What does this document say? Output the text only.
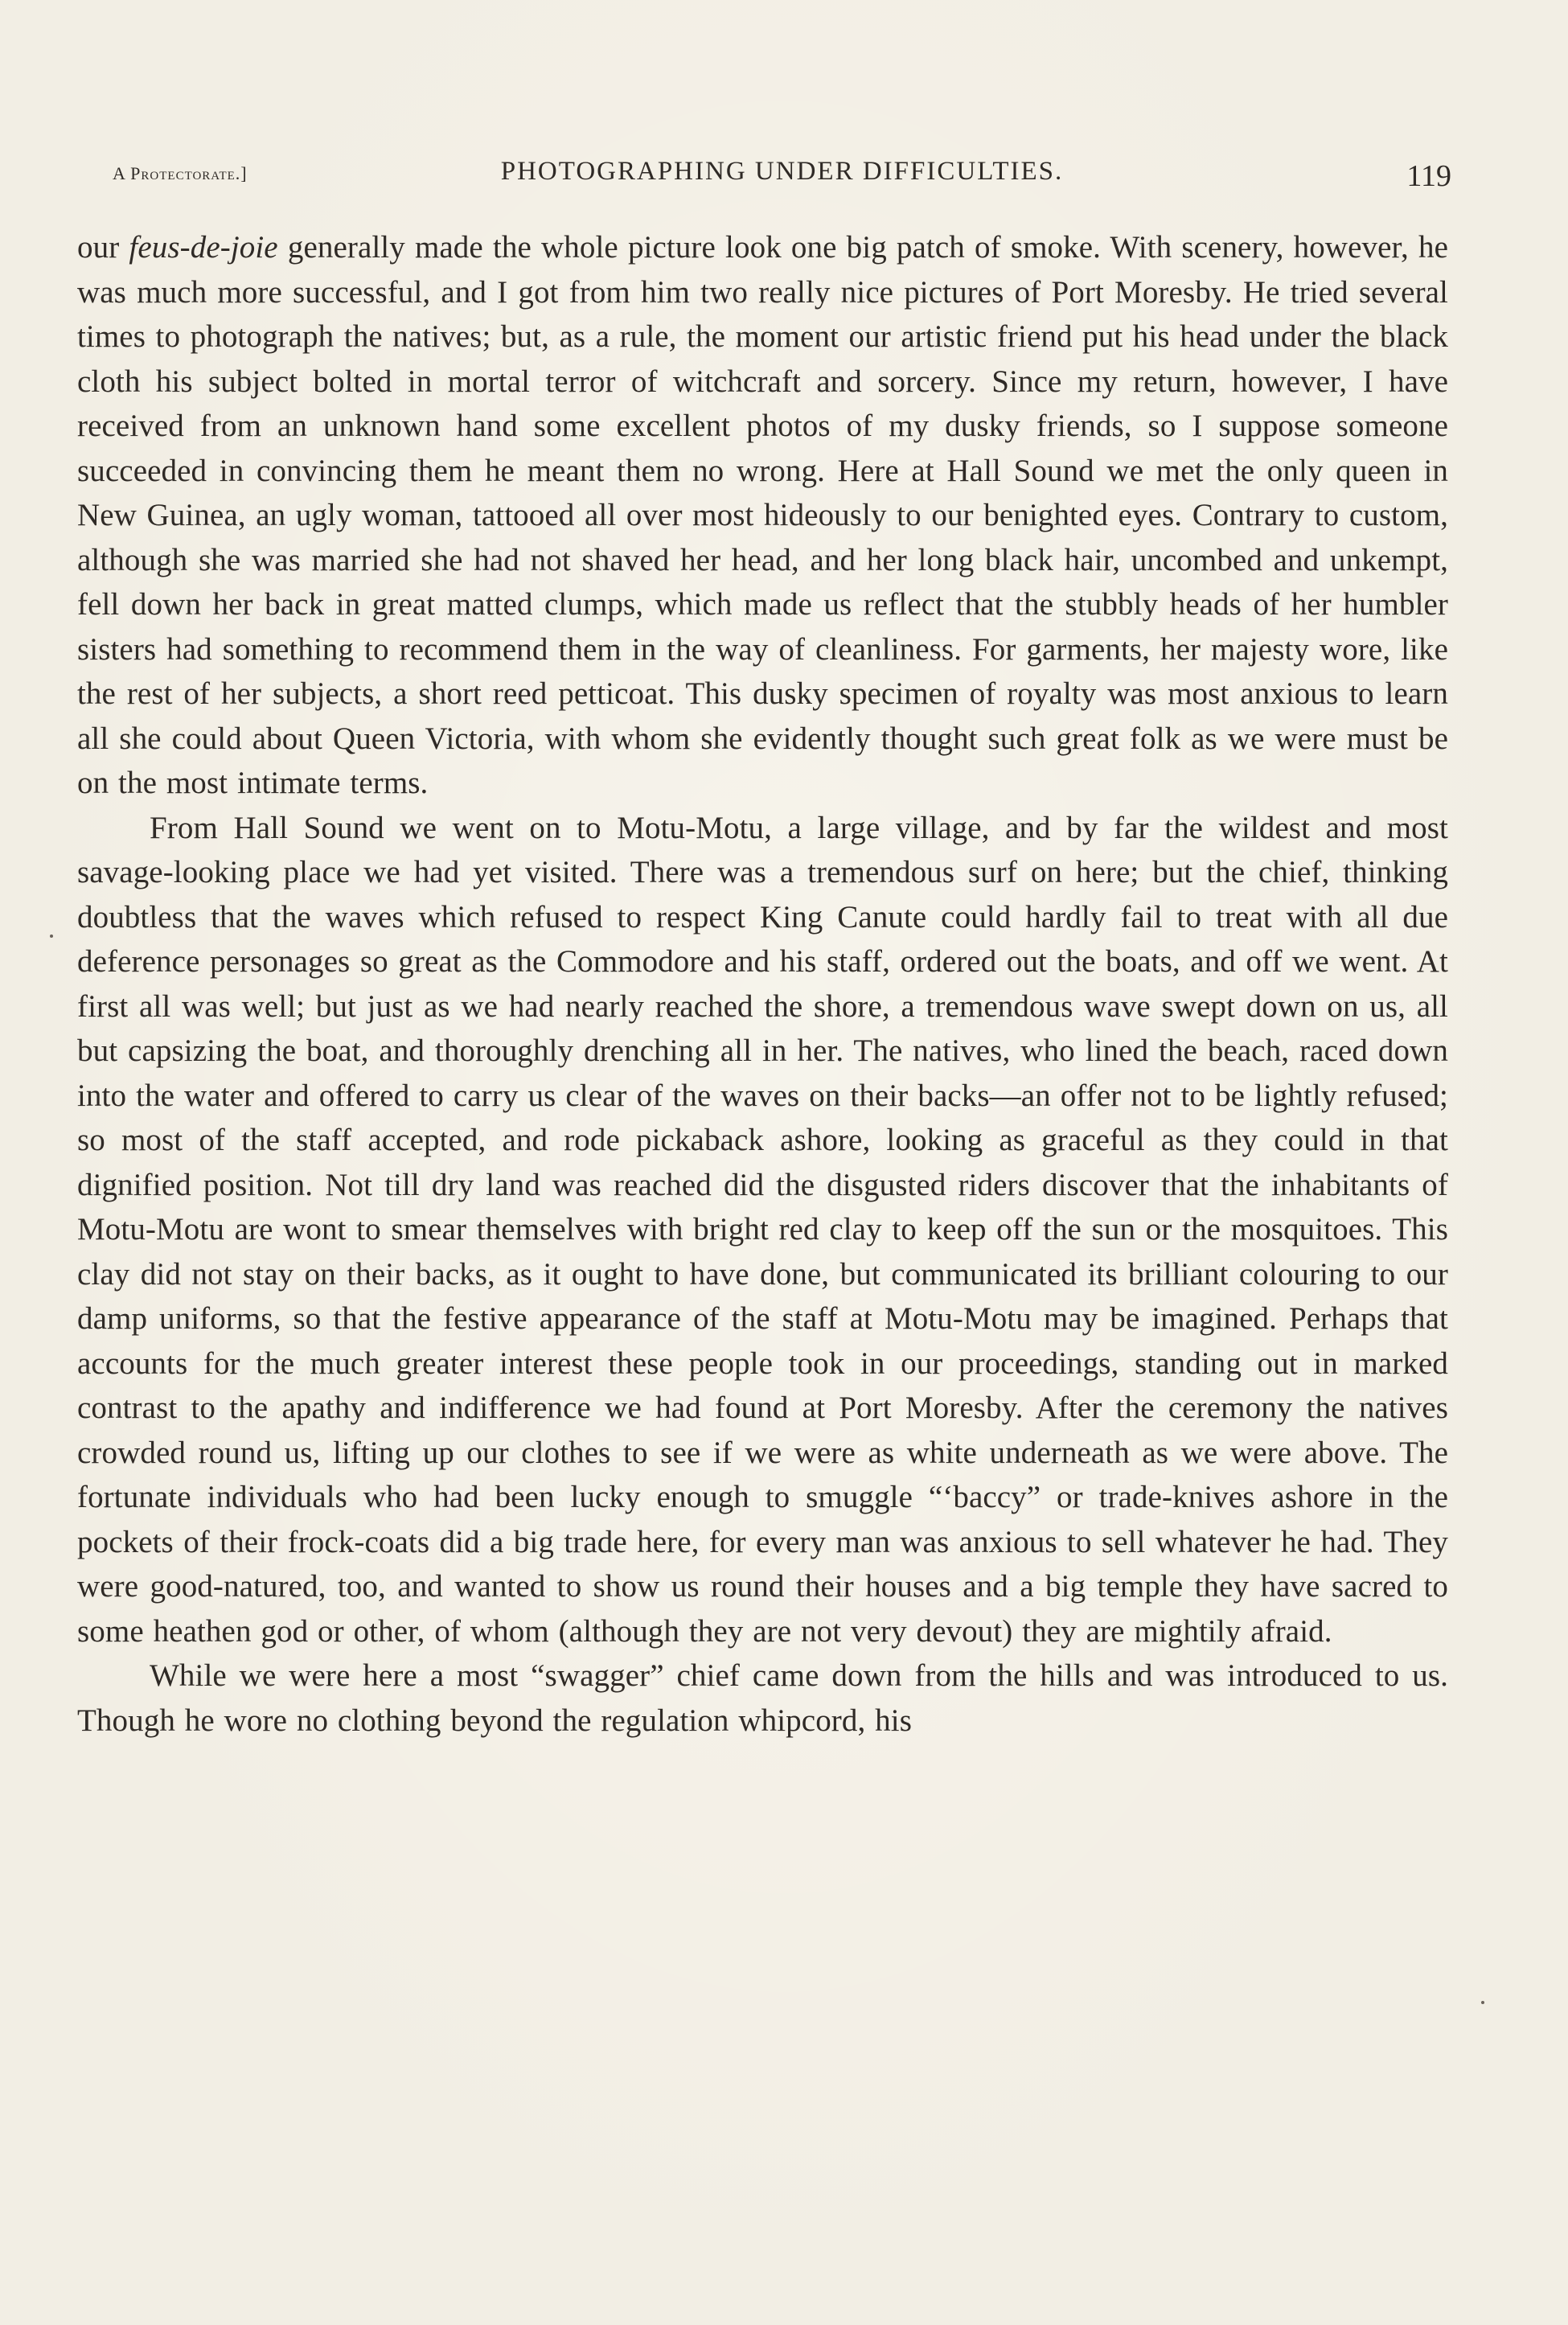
A Protectorate.]	PHOTOGRAPHING UNDER DIFFICULTIES.	119

our feus-de-joie generally made the whole picture look one big patch of smoke. With scenery, however, he was much more successful, and I got from him two really nice pictures of Port Moresby. He tried several times to photograph the natives; but, as a rule, the moment our artistic friend put his head under the black cloth his subject bolted in mortal terror of witchcraft and sorcery. Since my return, however, I have received from an unknown hand some excellent photos of my dusky friends, so I suppose someone succeeded in convincing them he meant them no wrong. Here at Hall Sound we met the only queen in New Guinea, an ugly woman, tattooed all over most hideously to our benighted eyes. Contrary to custom, although she was married she had not shaved her head, and her long black hair, uncombed and unkempt, fell down her back in great matted clumps, which made us reflect that the stubbly heads of her humbler sisters had something to recommend them in the way of cleanliness. For garments, her majesty wore, like the rest of her subjects, a short reed petticoat. This dusky specimen of royalty was most anxious to learn all she could about Queen Victoria, with whom she evidently thought such great folk as we were must be on the most intimate terms.

From Hall Sound we went on to Motu-Motu, a large village, and by far the wildest and most savage-looking place we had yet visited. There was a tremendous surf on here; but the chief, thinking doubtless that the waves which refused to respect King Canute could hardly fail to treat with all due deference personages so great as the Commodore and his staff, ordered out the boats, and off we went. At first all was well; but just as we had nearly reached the shore, a tremendous wave swept down on us, all but capsizing the boat, and thoroughly drenching all in her. The natives, who lined the beach, raced down into the water and offered to carry us clear of the waves on their backs—an offer not to be lightly refused; so most of the staff accepted, and rode pickaback ashore, looking as graceful as they could in that dignified position. Not till dry land was reached did the disgusted riders discover that the inhabitants of Motu-Motu are wont to smear themselves with bright red clay to keep off the sun or the mosquitoes. This clay did not stay on their backs, as it ought to have done, but communicated its brilliant colouring to our damp uniforms, so that the festive appearance of the staff at Motu-Motu may be imagined. Perhaps that accounts for the much greater interest these people took in our proceedings, standing out in marked contrast to the apathy and indifference we had found at Port Moresby. After the ceremony the natives crowded round us, lifting up our clothes to see if we were as white underneath as we were above. The fortunate individuals who had been lucky enough to smuggle “‘baccy” or trade-knives ashore in the pockets of their frock-coats did a big trade here, for every man was anxious to sell whatever he had. They were good-natured, too, and wanted to show us round their houses and a big temple they have sacred to some heathen god or other, of whom (although they are not very devout) they are mightily afraid.

While we were here a most “swagger” chief came down from the hills and was introduced to us. Though he wore no clothing beyond the regulation whipcord, his
